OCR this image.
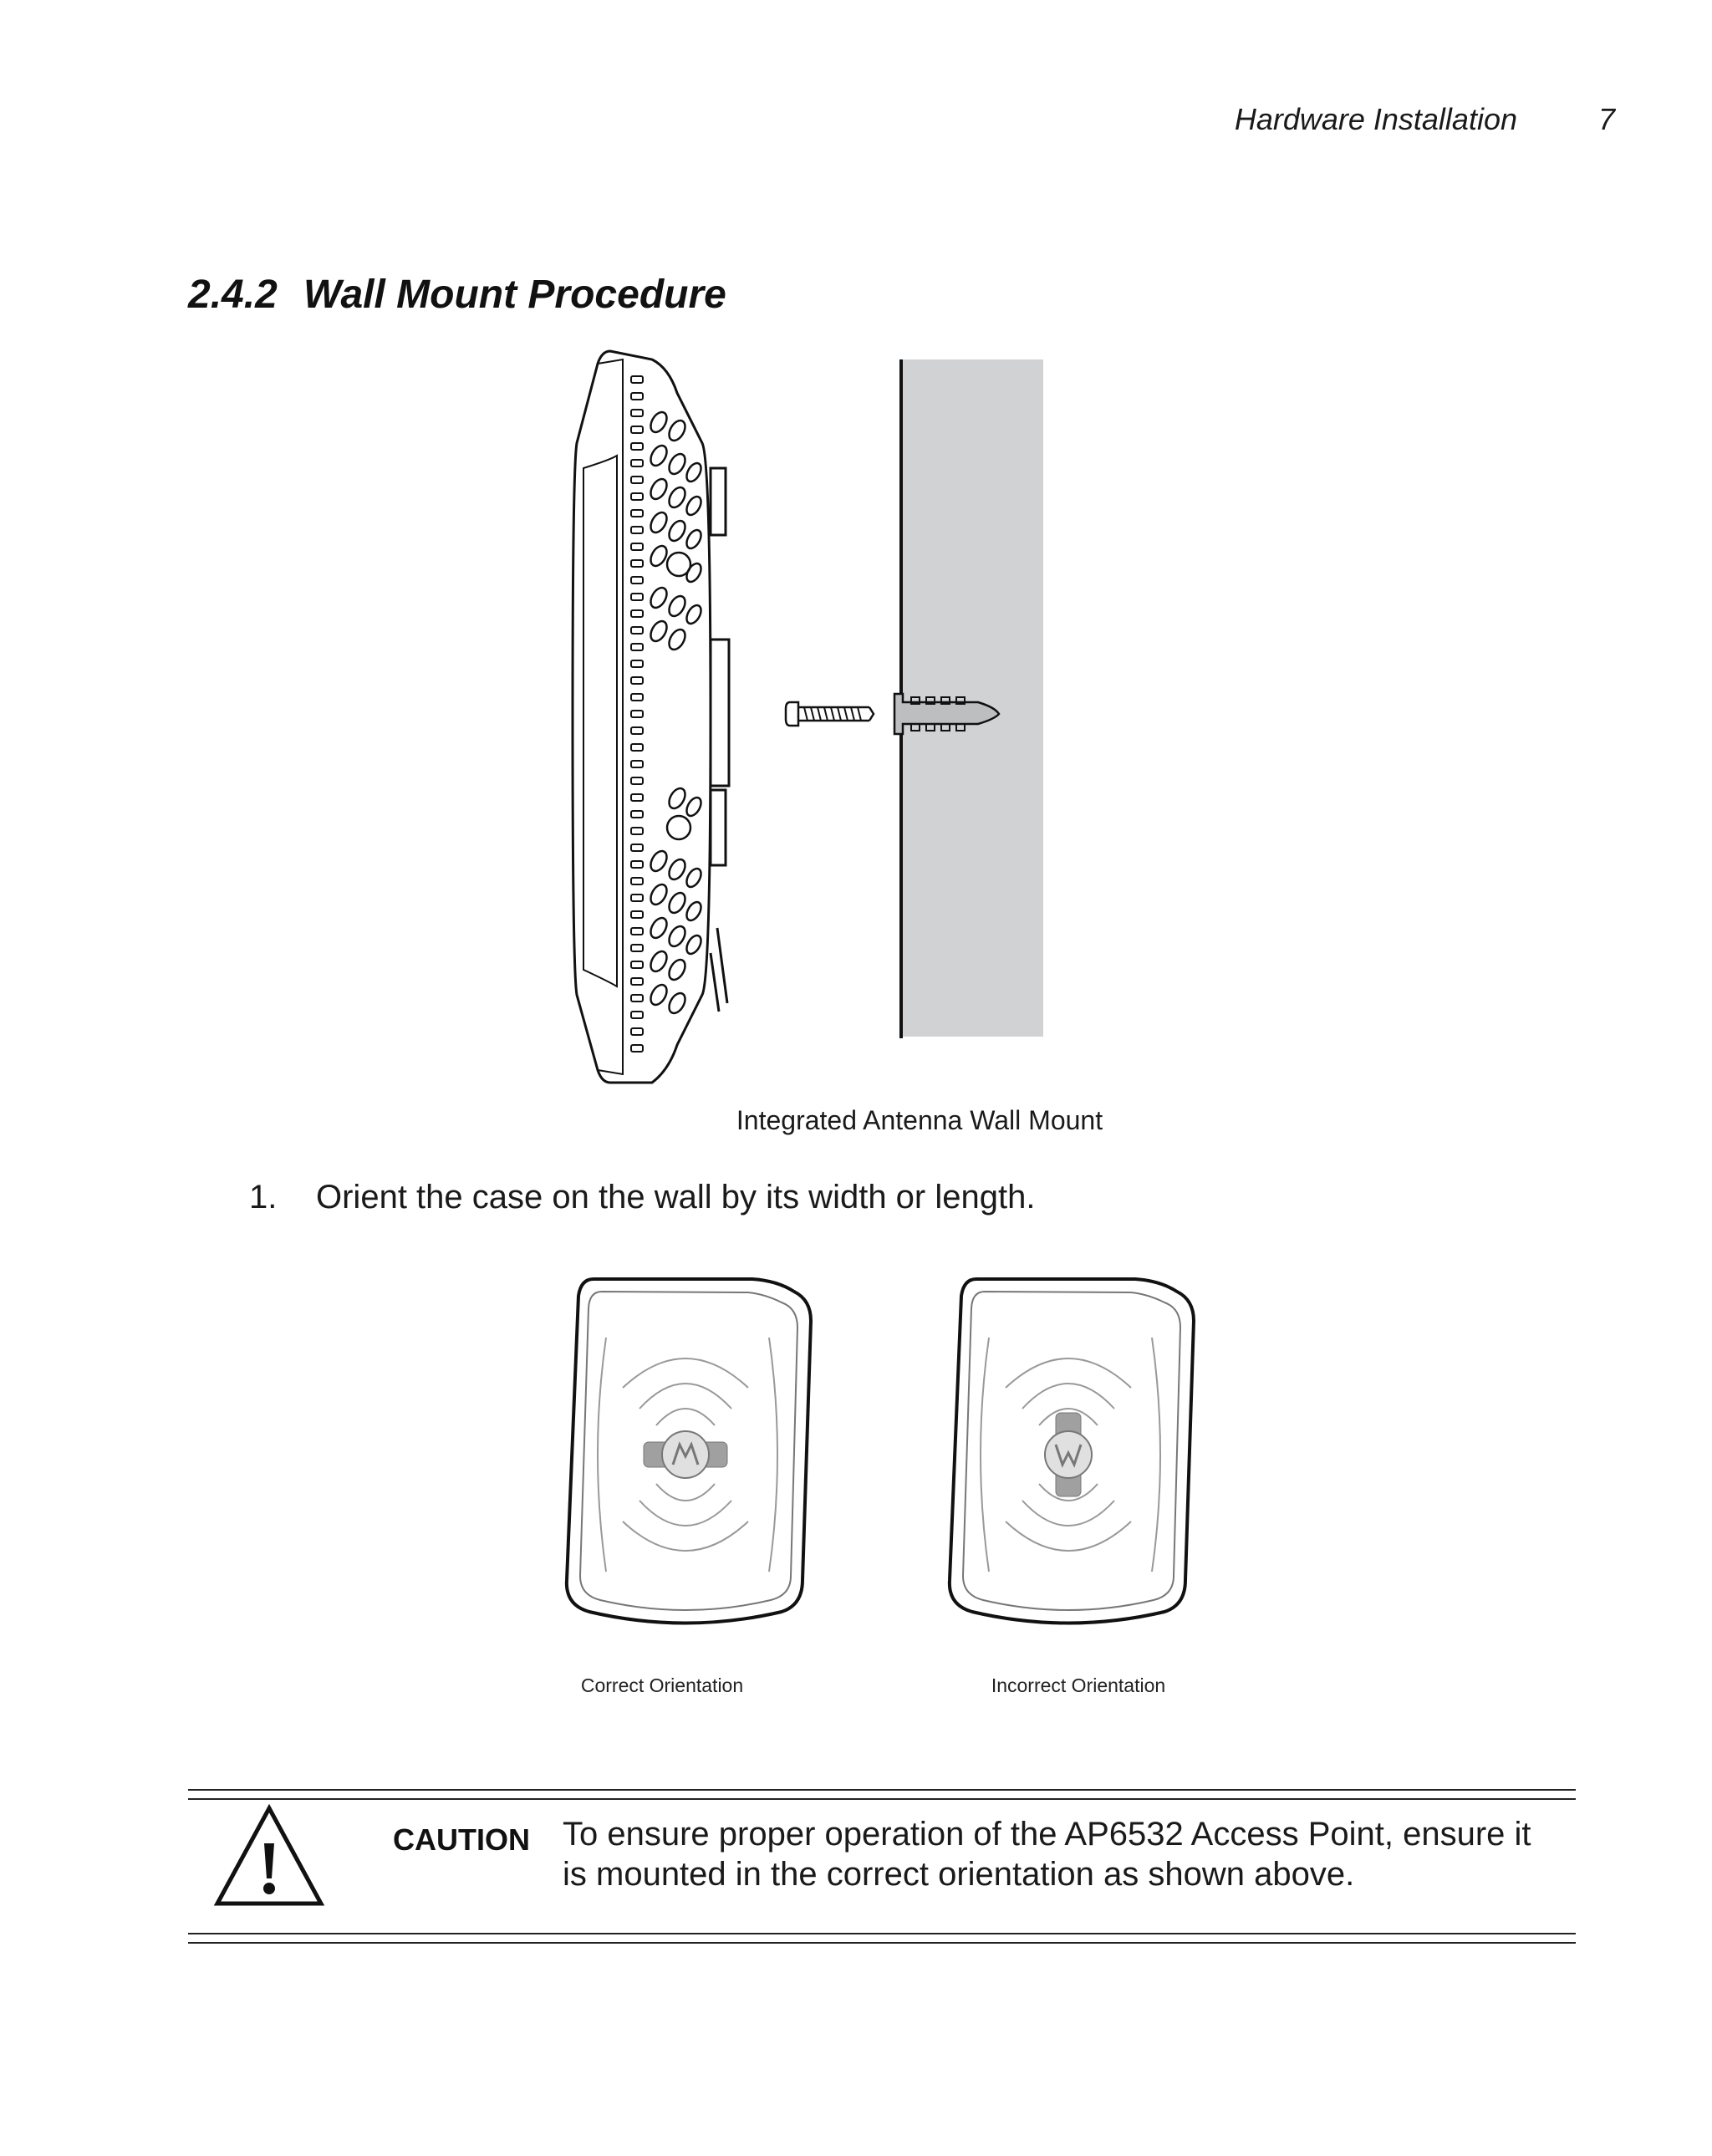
Hardware Installation	7
2.4.2 Wall Mount Procedure
Integrated Antenna Wall Mount
1. Orient the case on the wall by its width or length.
Correct Orientation	Incorrect Orientation
CAUTION To ensure proper operation of the AP6532 Access Point, ensure it is mounted in the correct orientation as shown above.
